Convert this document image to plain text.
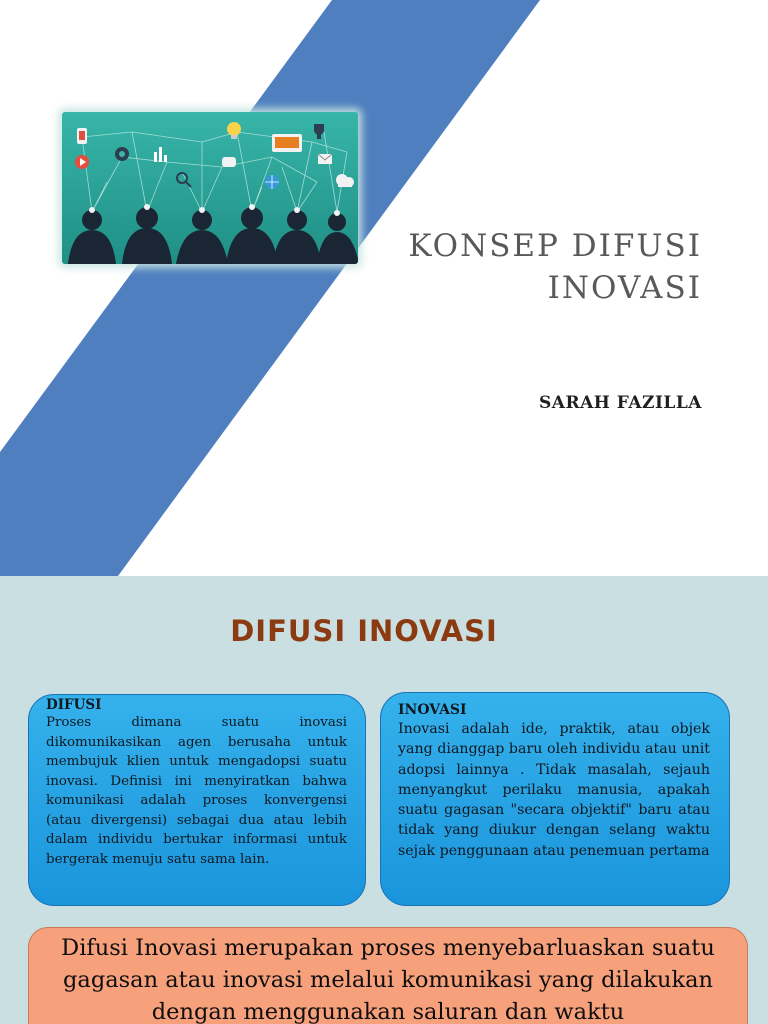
KONSEP DIFUSI
INOVASI
SARAH FAZILLA
DIFUSI INOVASI

DIFUSI

Proses dimana suatu inovasi dikomunikasikan agen berusaha untuk membujuk klien untuk mengadopsi suatu inovasi. Definisi ini menyiratkan bahwa komunikasi adalah proses konvergensi (atau divergensi) sebagai dua atau lebih dalam individu bertukar informasi untuk bergerak menuju satu sama lain.

INOVASI

Inovasi adalah ide, praktik, atau objek yang dianggap baru oleh individu atau unit adopsi lainnya . Tidak masalah, sejauh menyangkut perilaku manusia, apakah suatu gagasan "secara objektif" baru atau tidak yang diukur dengan selang waktu sejak penggunaan atau penemuan pertama

Difusi Inovasi merupakan proses menyebarluaskan suatu gagasan atau inovasi melalui komunikasi yang dilakukan dengan menggunakan saluran dan waktu
